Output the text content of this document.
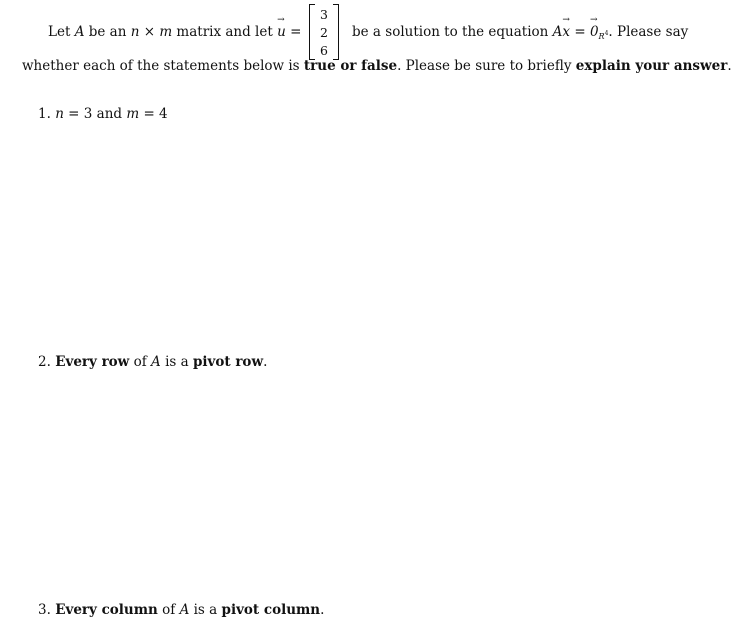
Let A be an n × m matrix and let → u =
3
2
6
be a solution to the equation A→ x = → $0_{R^4}$. Please say
whether each of the statements below is true or false. Please be sure to briefly explain your answer.
1. n = 3 and m = 4
2. Every row of A is a pivot row.
3. Every column of A is a pivot column.
